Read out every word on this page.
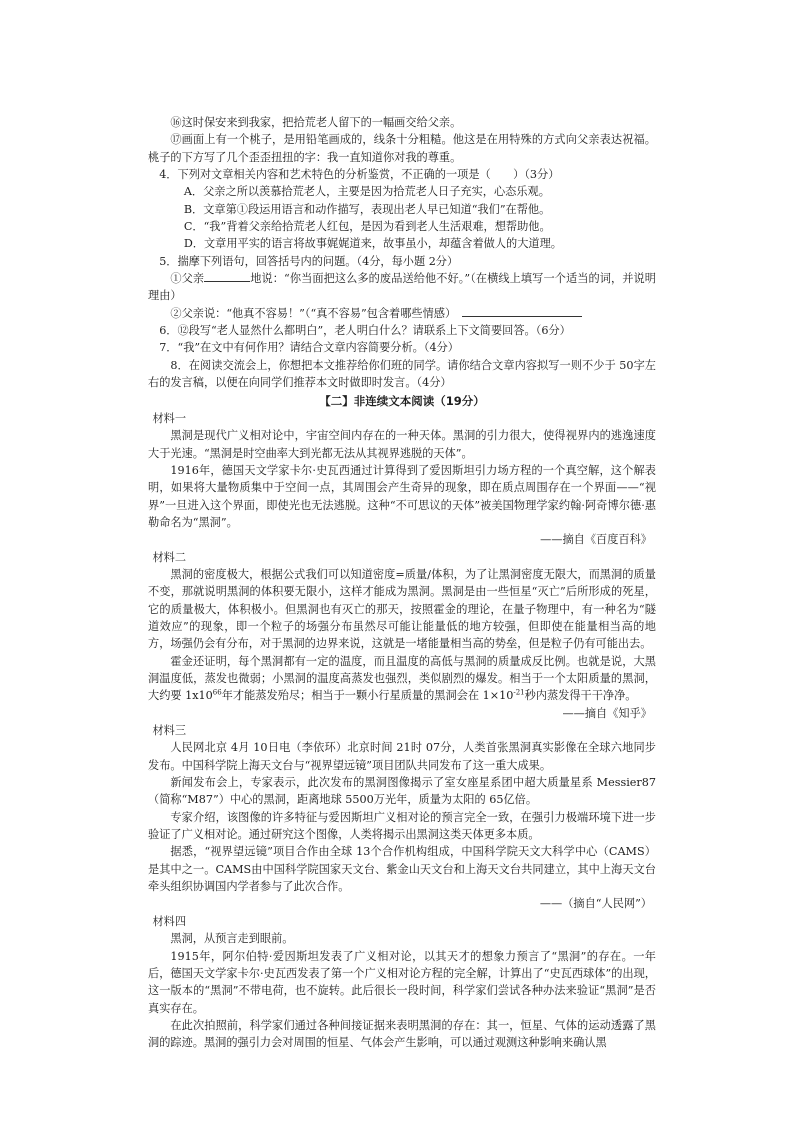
⑯这时保安来到我家，把拾荒老人留下的一幅画交给父亲。

⑰画面上有一个桃子，是用铅笔画成的，线条十分粗糙。他这是在用特殊的方式向父亲表达祝福。桃子的下方写了几个歪歪扭扭的字：我一直知道你对我的尊重。

4．下列对文章相关内容和艺术特色的分析鉴赏，不正确的一项是（　　）（3分）

A．父亲之所以羡慕拾荒老人，主要是因为拾荒老人日子充实，心态乐观。

B．文章第①段运用语言和动作描写，表现出老人早已知道“我们”在帮他。

C．“我”背着父亲给拾荒老人红包，是因为看到老人生活艰难，想帮助他。

D．文章用平实的语言将故事娓娓道来，故事虽小，却蕴含着做人的大道理。

5．揣摩下列语句，回答括号内的问题。（4分，每小题 2分）

①父亲	地说：“你当面把这么多的废品送给他不好。”（在横线上填写一个适当的词，并说明理由）

②父亲说：“他真不容易！”（“真不容易”包含着哪些情感）

6．⑫段写“老人显然什么都明白”，老人明白什么？请联系上下文简要回答。（6分）

7．“我”在文中有何作用？请结合文章内容简要分析。（4分）

8．在阅读交流会上，你想把本文推荐给你们班的同学。请你结合文章内容拟写一则不少于 50字左右的发言稿，以便在向同学们推荐本文时做即时发言。（4分）

【二】非连续文本阅读（19分）

材料一

黑洞是现代广义相对论中，宇宙空间内存在的一种天体。黑洞的引力很大，使得视界内的逃逸速度大于光速。“黑洞是时空曲率大到光都无法从其视界逃脱的天体”。

1916年，德国天文学家卡尔·史瓦西通过计算得到了爱因斯坦引力场方程的一个真空解，这个解表明，如果将大量物质集中于空间一点，其周围会产生奇异的现象，即在质点周围存在一个界面——“视界”一旦进入这个界面，即使光也无法逃脱。这种“不可思议的天体”被美国物理学家约翰·阿奇博尔德·惠勒命名为“黑洞”。

——摘自《百度百科》

材料二

黑洞的密度极大，根据公式我们可以知道密度=质量/体积，为了让黑洞密度无限大，而黑洞的质量不变，那就说明黑洞的体积要无限小，这样才能成为黑洞。黑洞是由一些恒星“灭亡”后所形成的死星，它的质量极大，体积极小。但黑洞也有灭亡的那天，按照霍金的理论，在量子物理中，有一种名为“隧道效应”的现象，即一个粒子的场强分布虽然尽可能让能量低的地方较强，但即使在能量相当高的地方，场强仍会有分布，对于黑洞的边界来说，这就是一堵能量相当高的势垒，但是粒子仍有可能出去。

霍金还证明，每个黑洞都有一定的温度，而且温度的高低与黑洞的质量成反比例。也就是说，大黑洞温度低，蒸发也微弱；小黑洞的温度高蒸发也强烈，类似剧烈的爆发。相当于一个太阳质量的黑洞，大约要 $1x10^{66}$年才能蒸发殆尽；相当于一颗小行星质量的黑洞会在 $1\times 10^{-21}$秒内蒸发得干干净净。

——摘自《知乎》

材料三

人民网北京 4月 10日电（李依环）北京时间 21时 07分，人类首张黑洞真实影像在全球六地同步发布。中国科学院上海天文台与“视界望远镜”项目团队共同发布了这一重大成果。

新闻发布会上，专家表示，此次发布的黑洞图像揭示了室女座星系团中超大质量星系 Messier87（简称“M87”）中心的黑洞，距离地球 5500万光年，质量为太阳的 65亿倍。

专家介绍，该图像的许多特征与爱因斯坦广义相对论的预言完全一致，在强引力极端环境下进一步验证了广义相对论。通过研究这个图像，人类将揭示出黑洞这类天体更多本质。

据悉，“视界望远镜”项目合作由全球 13个合作机构组成，中国科学院天文大科学中心（CAMS）是其中之一。CAMS由中国科学院国家天文台、紫金山天文台和上海天文台共同建立，其中上海天文台牵头组织协调国内学者参与了此次合作。

——（摘自“人民网”）

材料四

黑洞，从预言走到眼前。

1915年，阿尔伯特·爱因斯坦发表了广义相对论，以其天才的想象力预言了“黑洞”的存在。一年后，德国天文学家卡尔·史瓦西发表了第一个广义相对论方程的完全解，计算出了“史瓦西球体”的出现，这一版本的“黑洞”不带电荷，也不旋转。此后很长一段时间，科学家们尝试各种办法来验证“黑洞”是否真实存在。

在此次拍照前，科学家们通过各种间接证据来表明黑洞的存在：其一，恒星、气体的运动透露了黑洞的踪迹。黑洞的强引力会对周围的恒星、气体会产生影响，可以通过观测这种影响来确认黑
